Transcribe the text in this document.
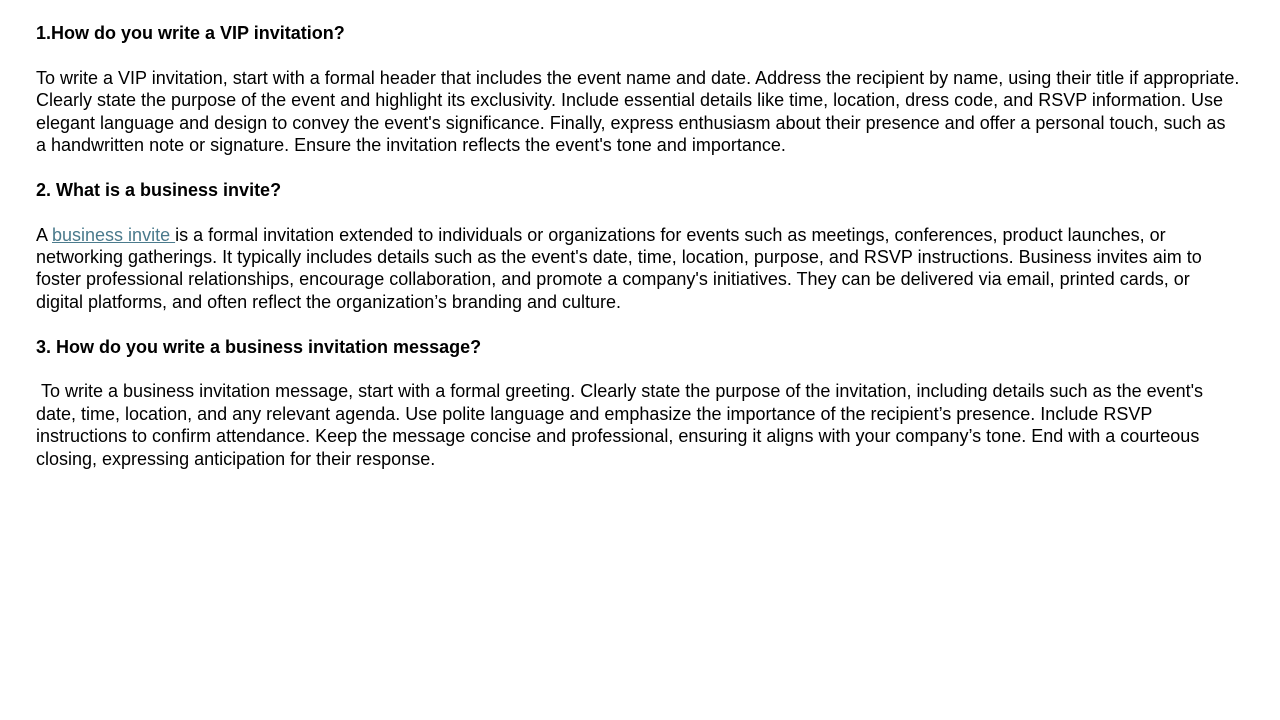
1.How do you write a VIP invitation?

To write a VIP invitation, start with a formal header that includes the event name and date. Address the recipient by name, using their title if appropriate. Clearly state the purpose of the event and highlight its exclusivity. Include essential details like time, location, dress code, and RSVP information. Use elegant language and design to convey the event's significance. Finally, express enthusiasm about their presence and offer a personal touch, such as a handwritten note or signature. Ensure the invitation reflects the event's tone and importance.

2. What is a business invite?

A business invite is a formal invitation extended to individuals or organizations for events such as meetings, conferences, product launches, or networking gatherings. It typically includes details such as the event's date, time, location, purpose, and RSVP instructions. Business invites aim to foster professional relationships, encourage collaboration, and promote a company's initiatives. They can be delivered via email, printed cards, or digital platforms, and often reflect the organization’s branding and culture.

3. How do you write a business invitation message?

To write a business invitation message, start with a formal greeting. Clearly state the purpose of the invitation, including details such as the event's date, time, location, and any relevant agenda. Use polite language and emphasize the importance of the recipient’s presence. Include RSVP instructions to confirm attendance. Keep the message concise and professional, ensuring it aligns with your company’s tone. End with a courteous closing, expressing anticipation for their response.
